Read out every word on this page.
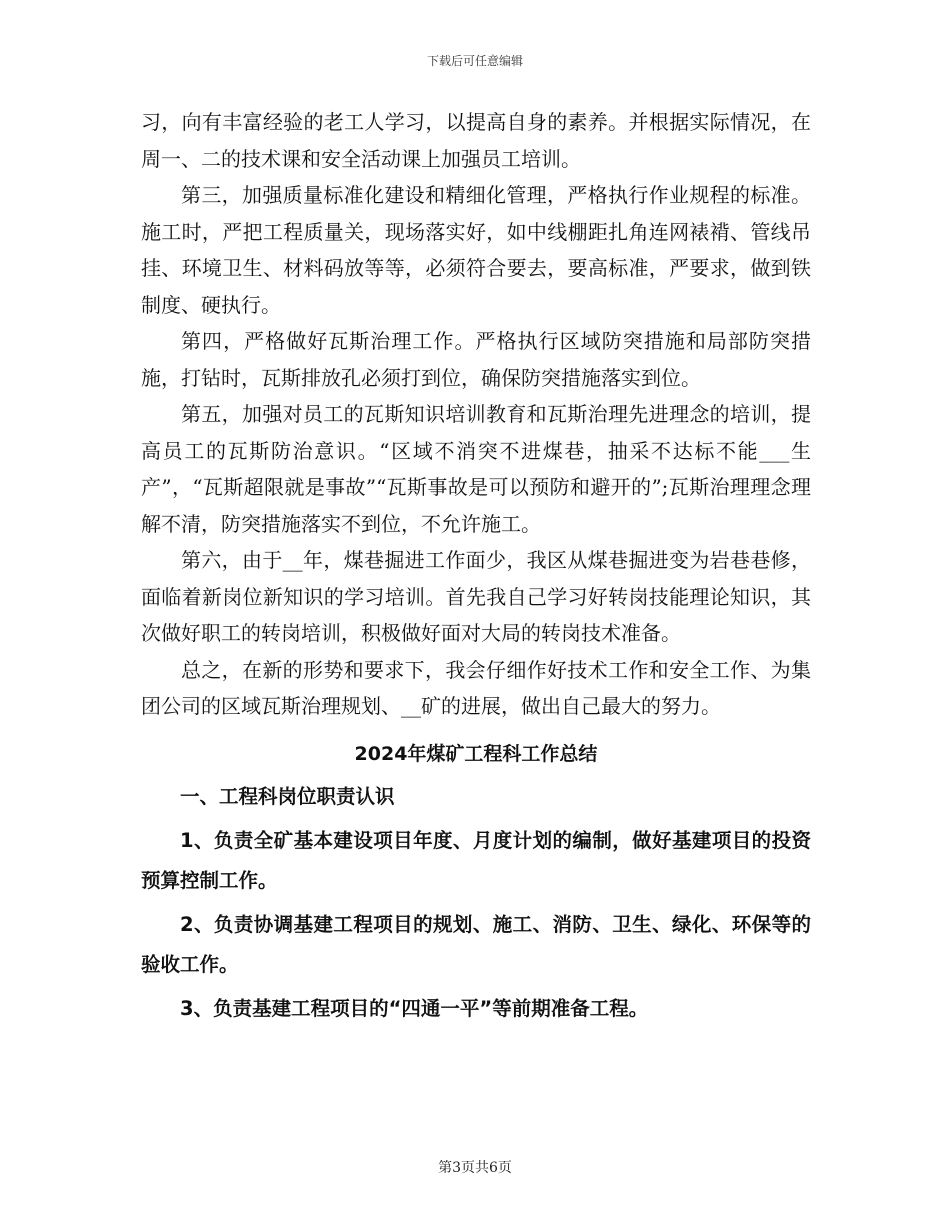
下载后可任意编辑

习，向有丰富经验的老工人学习，以提高自身的素养。并根据实际情况，在周一、二的技术课和安全活动课上加强员工培训。

第三，加强质量标准化建设和精细化管理，严格执行作业规程的标准。施工时，严把工程质量关，现场落实好，如中线棚距扎角连网裱褙、管线吊挂、环境卫生、材料码放等等，必须符合要去，要高标准，严要求，做到铁制度、硬执行。

第四，严格做好瓦斯治理工作。严格执行区域防突措施和局部防突措施，打钻时，瓦斯排放孔必须打到位，确保防突措施落实到位。

第五，加强对员工的瓦斯知识培训教育和瓦斯治理先进理念的培训，提高员工的瓦斯防治意识。“区域不消突不进煤巷，抽采不达标不能___生产”，“瓦斯超限就是事故”“瓦斯事故是可以预防和避开的”;瓦斯治理理念理解不清，防突措施落实不到位，不允许施工。

第六，由于__年，煤巷掘进工作面少，我区从煤巷掘进变为岩巷巷修，面临着新岗位新知识的学习培训。首先我自己学习好转岗技能理论知识，其次做好职工的转岗培训，积极做好面对大局的转岗技术准备。

总之，在新的形势和要求下，我会仔细作好技术工作和安全工作、为集团公司的区域瓦斯治理规划、__矿的进展，做出自己最大的努力。

2024年煤矿工程科工作总结

一、工程科岗位职责认识

1、负责全矿基本建设项目年度、月度计划的编制，做好基建项目的投资预算控制工作。

2、负责协调基建工程项目的规划、施工、消防、卫生、绿化、环保等的验收工作。

3、负责基建工程项目的“四通一平”等前期准备工程。

第3页共6页
